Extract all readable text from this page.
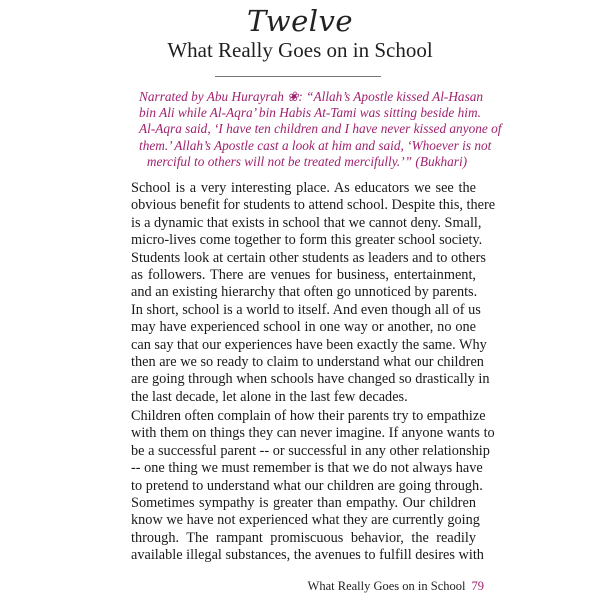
Twelve
What Really Goes on in School
Narrated by Abu Hurayrah ❀: “Allah’s Apostle kissed Al-Hasan
bin Ali while Al-Aqra’ bin Habis At-Tami was sitting beside him.
Al-Aqra said, ‘I have ten children and I have never kissed anyone of
them.’ Allah’s Apostle cast a look at him and said, ‘Whoever is not
merciful to others will not be treated mercifully.’” (Bukhari)
School is a very interesting place. As educators we see the
obvious benefit for students to attend school. Despite this, there
is a dynamic that exists in school that we cannot deny. Small,
micro-lives come together to form this greater school society.
Students look at certain other students as leaders and to others
as followers. There are venues for business, entertainment,
and an existing hierarchy that often go unnoticed by parents.
In short, school is a world to itself. And even though all of us
may have experienced school in one way or another, no one
can say that our experiences have been exactly the same. Why
then are we so ready to claim to understand what our children
are going through when schools have changed so drastically in
the last decade, let alone in the last few decades.
Children often complain of how their parents try to empathize
with them on things they can never imagine. If anyone wants to
be a successful parent -- or successful in any other relationship
-- one thing we must remember is that we do not always have
to pretend to understand what our children are going through.
Sometimes sympathy is greater than empathy. Our children
know we have not experienced what they are currently going
through. The rampant promiscuous behavior, the readily
available illegal substances, the avenues to fulfill desires with
What Really Goes on in School 79
